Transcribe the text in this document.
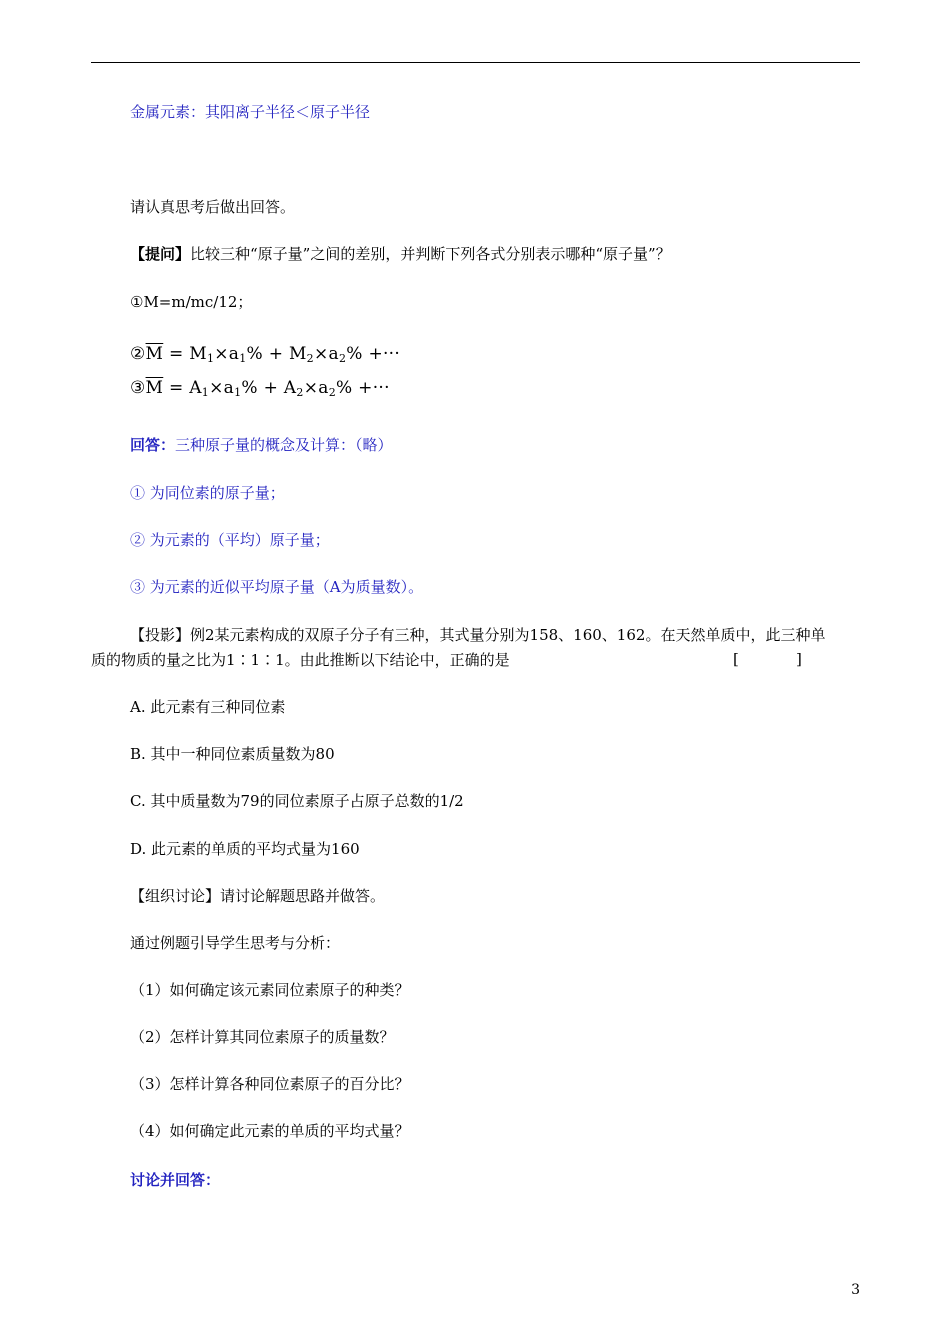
金属元素：其阳离子半径＜原子半径
请认真思考后做出回答。
【提问】比较三种“原子量”之间的差别，并判断下列各式分别表示哪种“原子量”？
①M=m/mc/12；
$②\overline{M} = M_1\times a_1\% + M_2\times a_2\%$ +···
$③\overline{M} = A_1\times a_1\% + A_2\times a_2\%$ +···
回答：三种原子量的概念及计算：（略）
① 为同位素的原子量；
② 为元素的（平均）原子量；
③ 为元素的近似平均原子量（A为质量数）。
【投影】例2某元素构成的双原子分子有三种，其式量分别为158、160、162。在天然单质中，此三种单
质的物质的量之比为1∶1∶1。由此推断以下结论中，正确的是	[	]
A. 此元素有三种同位素
B. 其中一种同位素质量数为80
C. 其中质量数为79的同位素原子占原子总数的1/2
D. 此元素的单质的平均式量为160
【组织讨论】请讨论解题思路并做答。
通过例题引导学生思考与分析：
（1）如何确定该元素同位素原子的种类？
（2）怎样计算其同位素原子的质量数？
（3）怎样计算各种同位素原子的百分比？
（4）如何确定此元素的单质的平均式量？
讨论并回答：
3
